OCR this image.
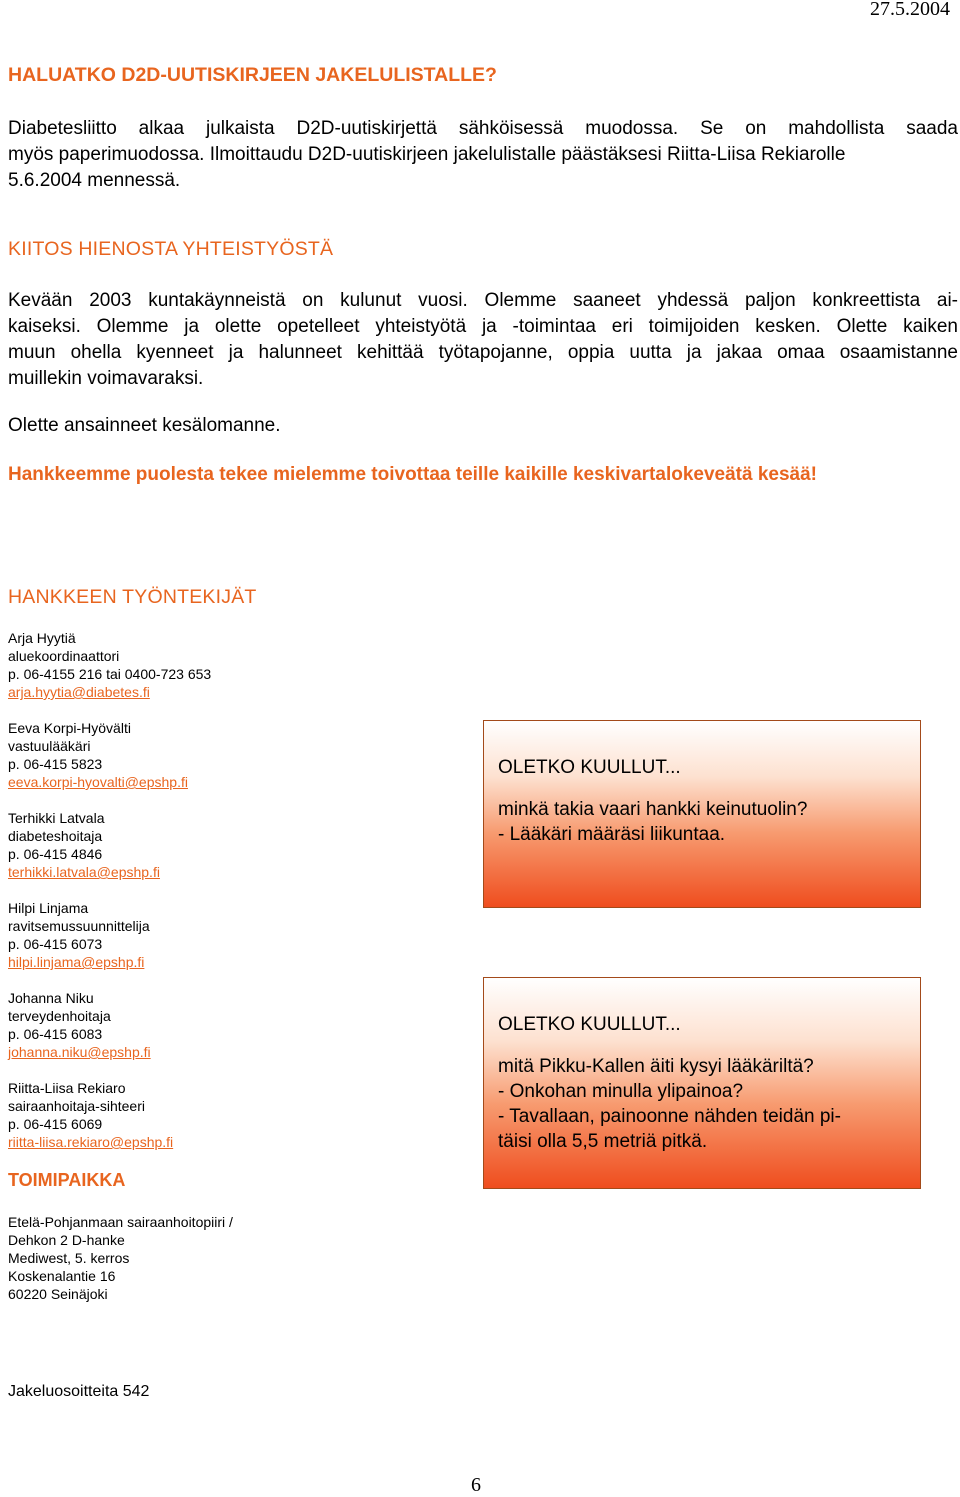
27.5.2004
HALUATKO D2D-UUTISKIRJEEN JAKELULISTALLE?
Diabetesliitto alkaa julkaista D2D-uutiskirjettä sähköisessä muodossa. Se on mahdollista saada
myös paperimuodossa. Ilmoittaudu D2D-uutiskirjeen jakelulistalle päästäksesi Riitta-Liisa Rekiarolle
5.6.2004 mennessä.
KIITOS HIENOSTA YHTEISTYÖSTÄ
Kevään 2003 kuntakäynneistä on kulunut vuosi. Olemme saaneet yhdessä paljon konkreettista ai-
kaiseksi. Olemme ja olette opetelleet yhteistyötä ja -toimintaa eri toimijoiden kesken. Olette kaiken
muun ohella kyenneet ja halunneet kehittää työtapojanne, oppia uutta ja jakaa omaa osaamistanne
muillekin voimavaraksi.
Olette ansainneet kesälomanne.
Hankkeemme puolesta tekee mielemme toivottaa teille kaikille keskivartalokeveätä kesää!
HANKKEEN TYÖNTEKIJÄT
Arja Hyytiä
aluekoordinaattori
p. 06-4155 216 tai 0400-723 653
arja.hyytia@diabetes.fi
Eeva Korpi-Hyövälti
vastuulääkäri
p. 06-415 5823
eeva.korpi-hyovalti@epshp.fi
Terhikki Latvala
diabeteshoitaja
p. 06-415 4846
terhikki.latvala@epshp.fi
Hilpi Linjama
ravitsemussuunnittelija
p. 06-415 6073
hilpi.linjama@epshp.fi
Johanna Niku
terveydenhoitaja
p. 06-415 6083
johanna.niku@epshp.fi
Riitta-Liisa Rekiaro
sairaanhoitaja-sihteeri
p. 06-415 6069
riitta-liisa.rekiaro@epshp.fi
TOIMIPAIKKA
Etelä-Pohjanmaan sairaanhoitopiiri /
Dehkon 2 D-hanke
Mediwest, 5. kerros
Koskenalantie 16
60220 Seinäjoki
OLETKO KUULLUT...
minkä takia vaari hankki keinutuolin?
- Lääkäri määräsi liikuntaa.
OLETKO KUULLUT...
mitä Pikku-Kallen äiti kysyi lääkäriltä?
- Onkohan minulla ylipainoa?
- Tavallaan, painoonne nähden teidän pi-
täisi olla 5,5 metriä pitkä.
Jakeluosoitteita 542
6
